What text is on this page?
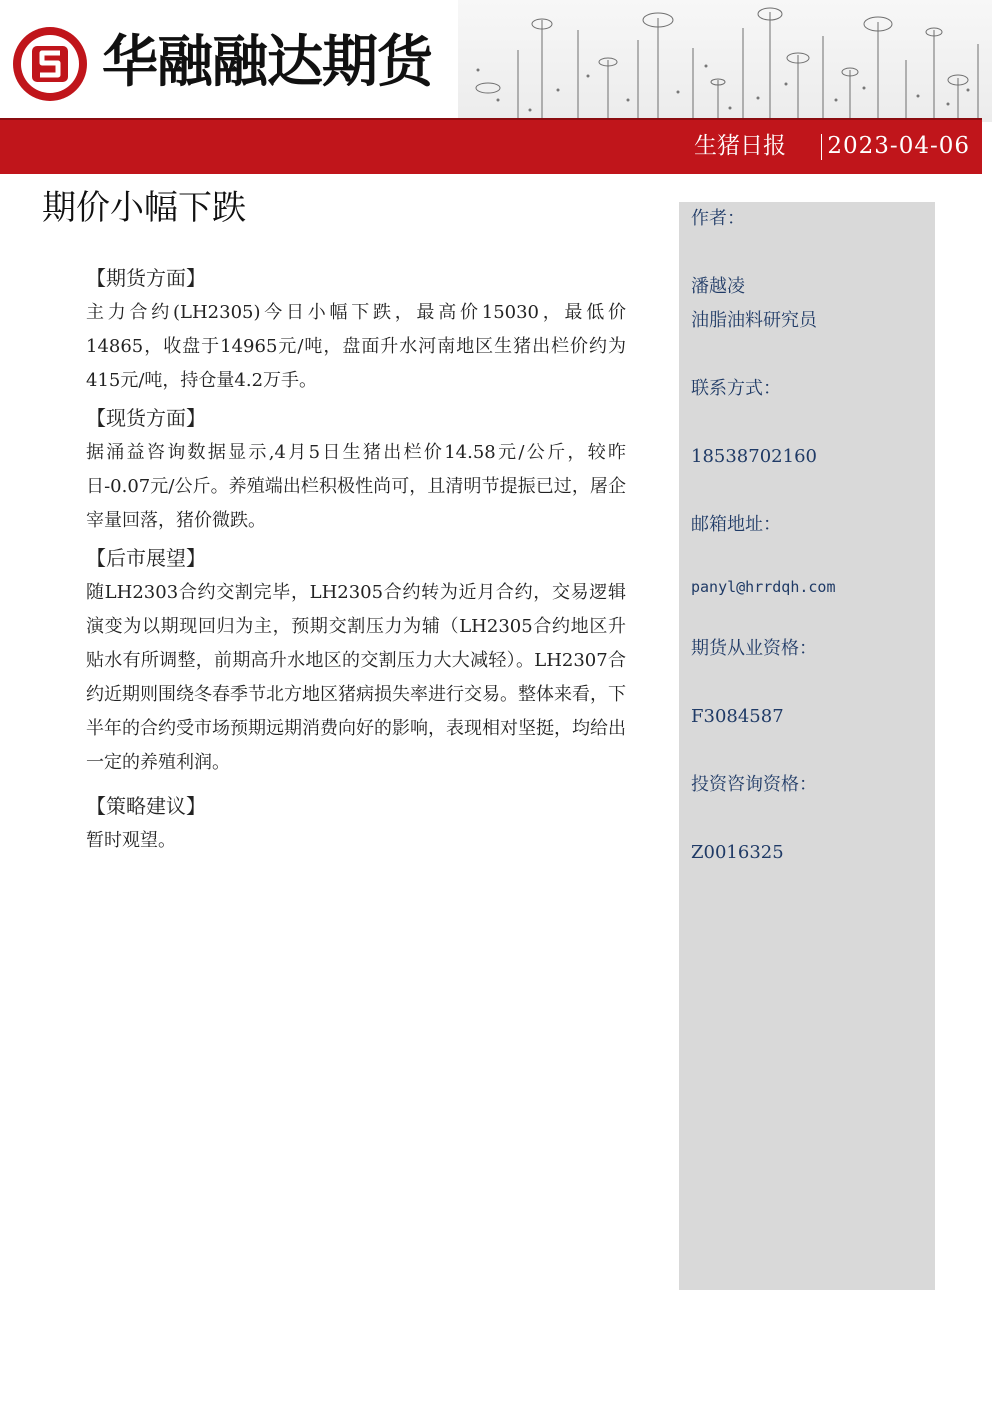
华融融达期货
生猪日报 2023-04-06
期价小幅下跌
【期货方面】

主力合约(LH2305)今日小幅下跌，最高价15030，最低价14865，收盘于14965元/吨，盘面升水河南地区生猪出栏价约为415元/吨，持仓量4.2万手。

【现货方面】

据涌益咨询数据显示,4月5日生猪出栏价14.58元/公斤，较昨日-0.07元/公斤。养殖端出栏积极性尚可，且清明节提振已过，屠企宰量回落，猪价微跌。

【后市展望】

随LH2303合约交割完毕，LH2305合约转为近月合约，交易逻辑演变为以期现回归为主，预期交割压力为辅（LH2305合约地区升贴水有所调整，前期高升水地区的交割压力大大减轻）。LH2307合约近期则围绕冬春季节北方地区猪病损失率进行交易。整体来看，下半年的合约受市场预期远期消费向好的影响，表现相对坚挺，均给出一定的养殖利润。

【策略建议】

暂时观望。

作者：
潘越凌
油脂油料研究员
联系方式：
18538702160
邮箱地址：
panyl@hrrdqh.com
期货从业资格：
F3084587
投资咨询资格：
Z0016325
